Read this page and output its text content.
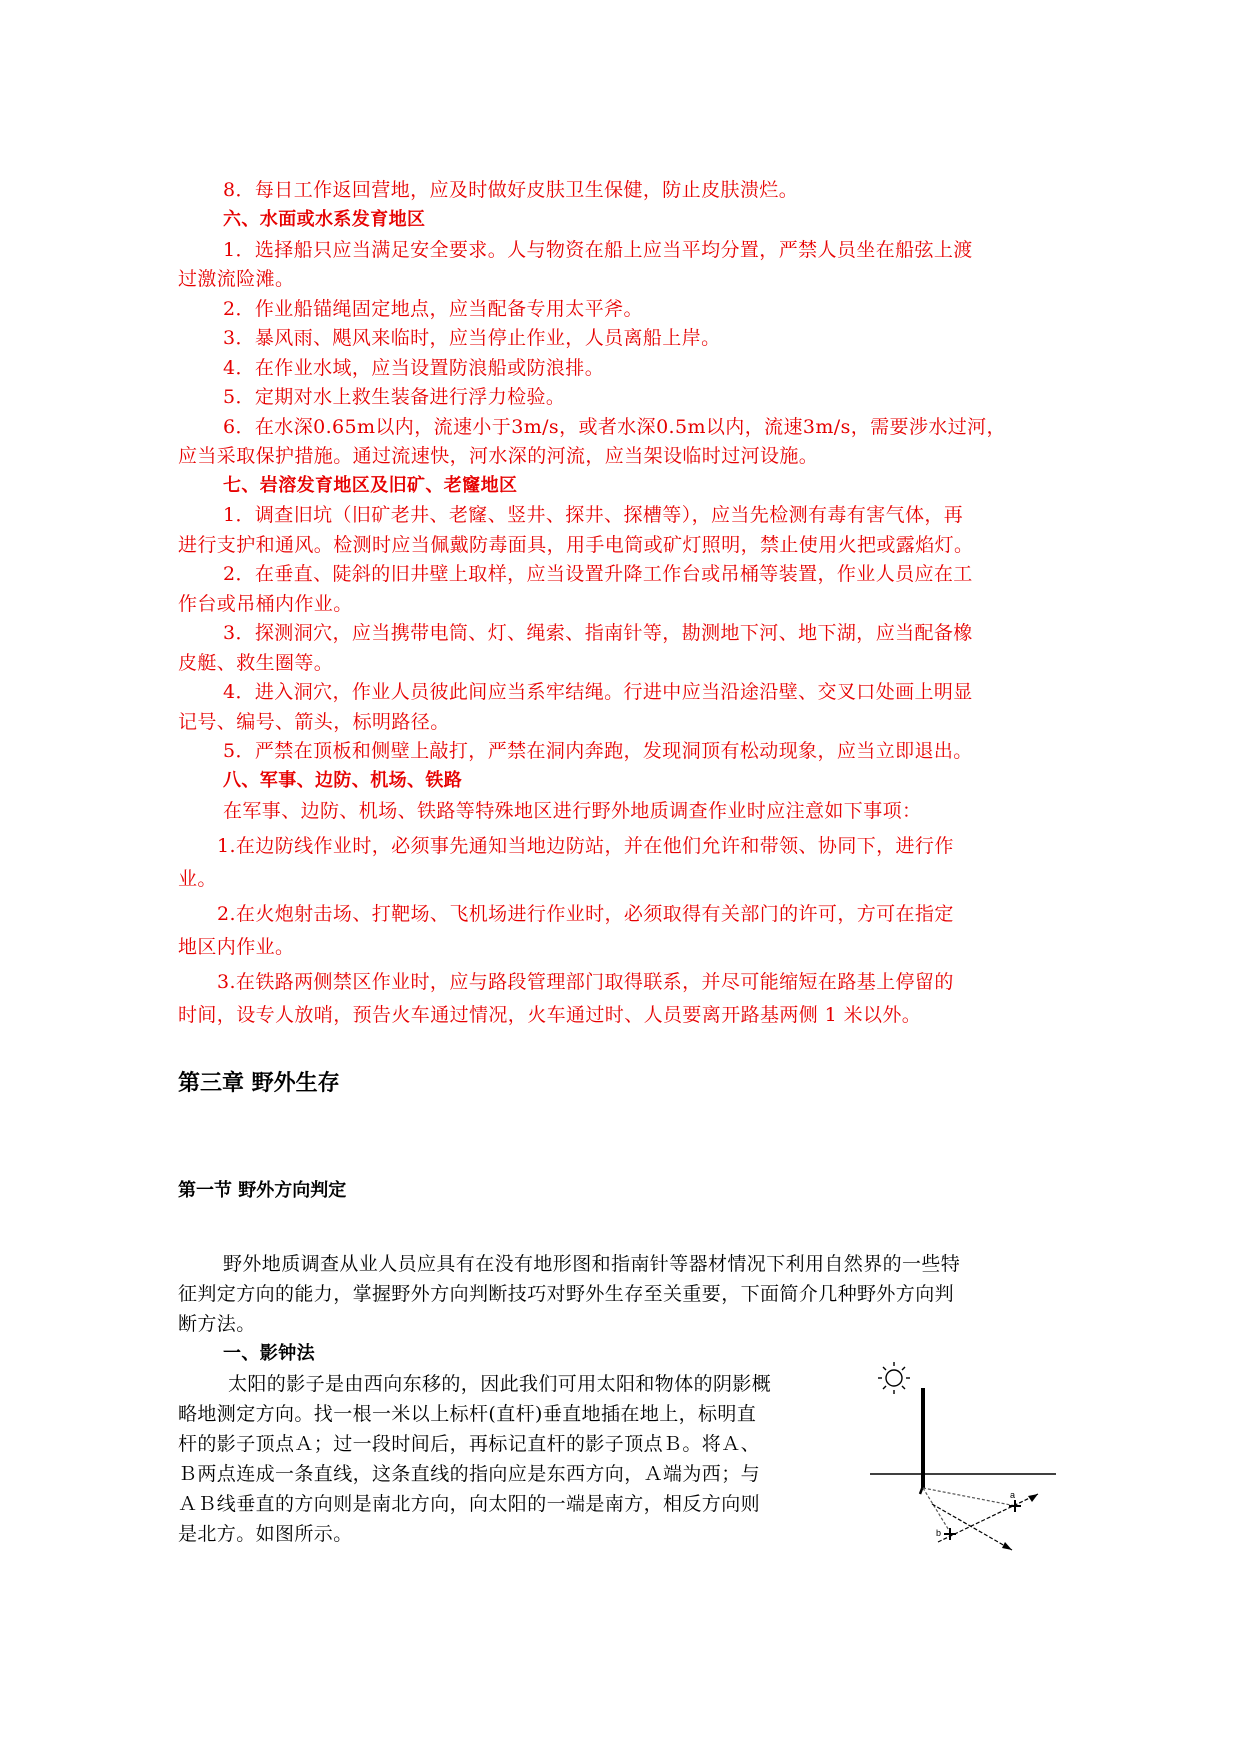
8．每日工作返回营地，应及时做好皮肤卫生保健，防止皮肤溃烂。
六、水面或水系发育地区
1．选择船只应当满足安全要求。人与物资在船上应当平均分置，严禁人员坐在船弦上渡
过激流险滩。
2．作业船锚绳固定地点，应当配备专用太平斧。
3．暴风雨、飓风来临时，应当停止作业，人员离船上岸。
4．在作业水域，应当设置防浪船或防浪排。
5．定期对水上救生装备进行浮力检验。
6．在水深0.65m以内，流速小于3m/s，或者水深0.5m以内，流速3m/s，需要涉水过河，
应当采取保护措施。通过流速快，河水深的河流，应当架设临时过河设施。
七、岩溶发育地区及旧矿、老窿地区
1．调查旧坑（旧矿老井、老窿、竖井、探井、探槽等），应当先检测有毒有害气体，再
进行支护和通风。检测时应当佩戴防毒面具，用手电筒或矿灯照明，禁止使用火把或露焰灯。
2．在垂直、陡斜的旧井壁上取样，应当设置升降工作台或吊桶等装置，作业人员应在工
作台或吊桶内作业。
3．探测洞穴，应当携带电筒、灯、绳索、指南针等，勘测地下河、地下湖，应当配备橡
皮艇、救生圈等。
4．进入洞穴，作业人员彼此间应当系牢结绳。行进中应当沿途沿壁、交叉口处画上明显
记号、编号、箭头，标明路径。
5．严禁在顶板和侧壁上敲打，严禁在洞内奔跑，发现洞顶有松动现象，应当立即退出。
八、军事、边防、机场、铁路
在军事、边防、机场、铁路等特殊地区进行野外地质调查作业时应注意如下事项：
1.在边防线作业时，必须事先通知当地边防站，并在他们允许和带领、协同下，进行作
业。
2.在火炮射击场、打靶场、飞机场进行作业时，必须取得有关部门的许可，方可在指定
地区内作业。
3.在铁路两侧禁区作业时，应与路段管理部门取得联系，并尽可能缩短在路基上停留的
时间，设专人放哨，预告火车通过情况，火车通过时、人员要离开路基两侧 1 米以外。
第三章 野外生存
第一节 野外方向判定
野外地质调查从业人员应具有在没有地形图和指南针等器材情况下利用自然界的一些特
征判定方向的能力，掌握野外方向判断技巧对野外生存至关重要，下面简介几种野外方向判
断方法。
一、影钟法
太阳的影子是由西向东移的，因此我们可用太阳和物体的阴影概
略地测定方向。找一根一米以上标杆(直杆)垂直地插在地上，标明直
杆的影子顶点Ａ；过一段时间后，再标记直杆的影子顶点Ｂ。将Ａ、
Ｂ两点连成一条直线，这条直线的指向应是东西方向，Ａ端为西；与
ＡＢ线垂直的方向则是南北方向，向太阳的一端是南方，相反方向则
是北方。如图所示。
a
b
